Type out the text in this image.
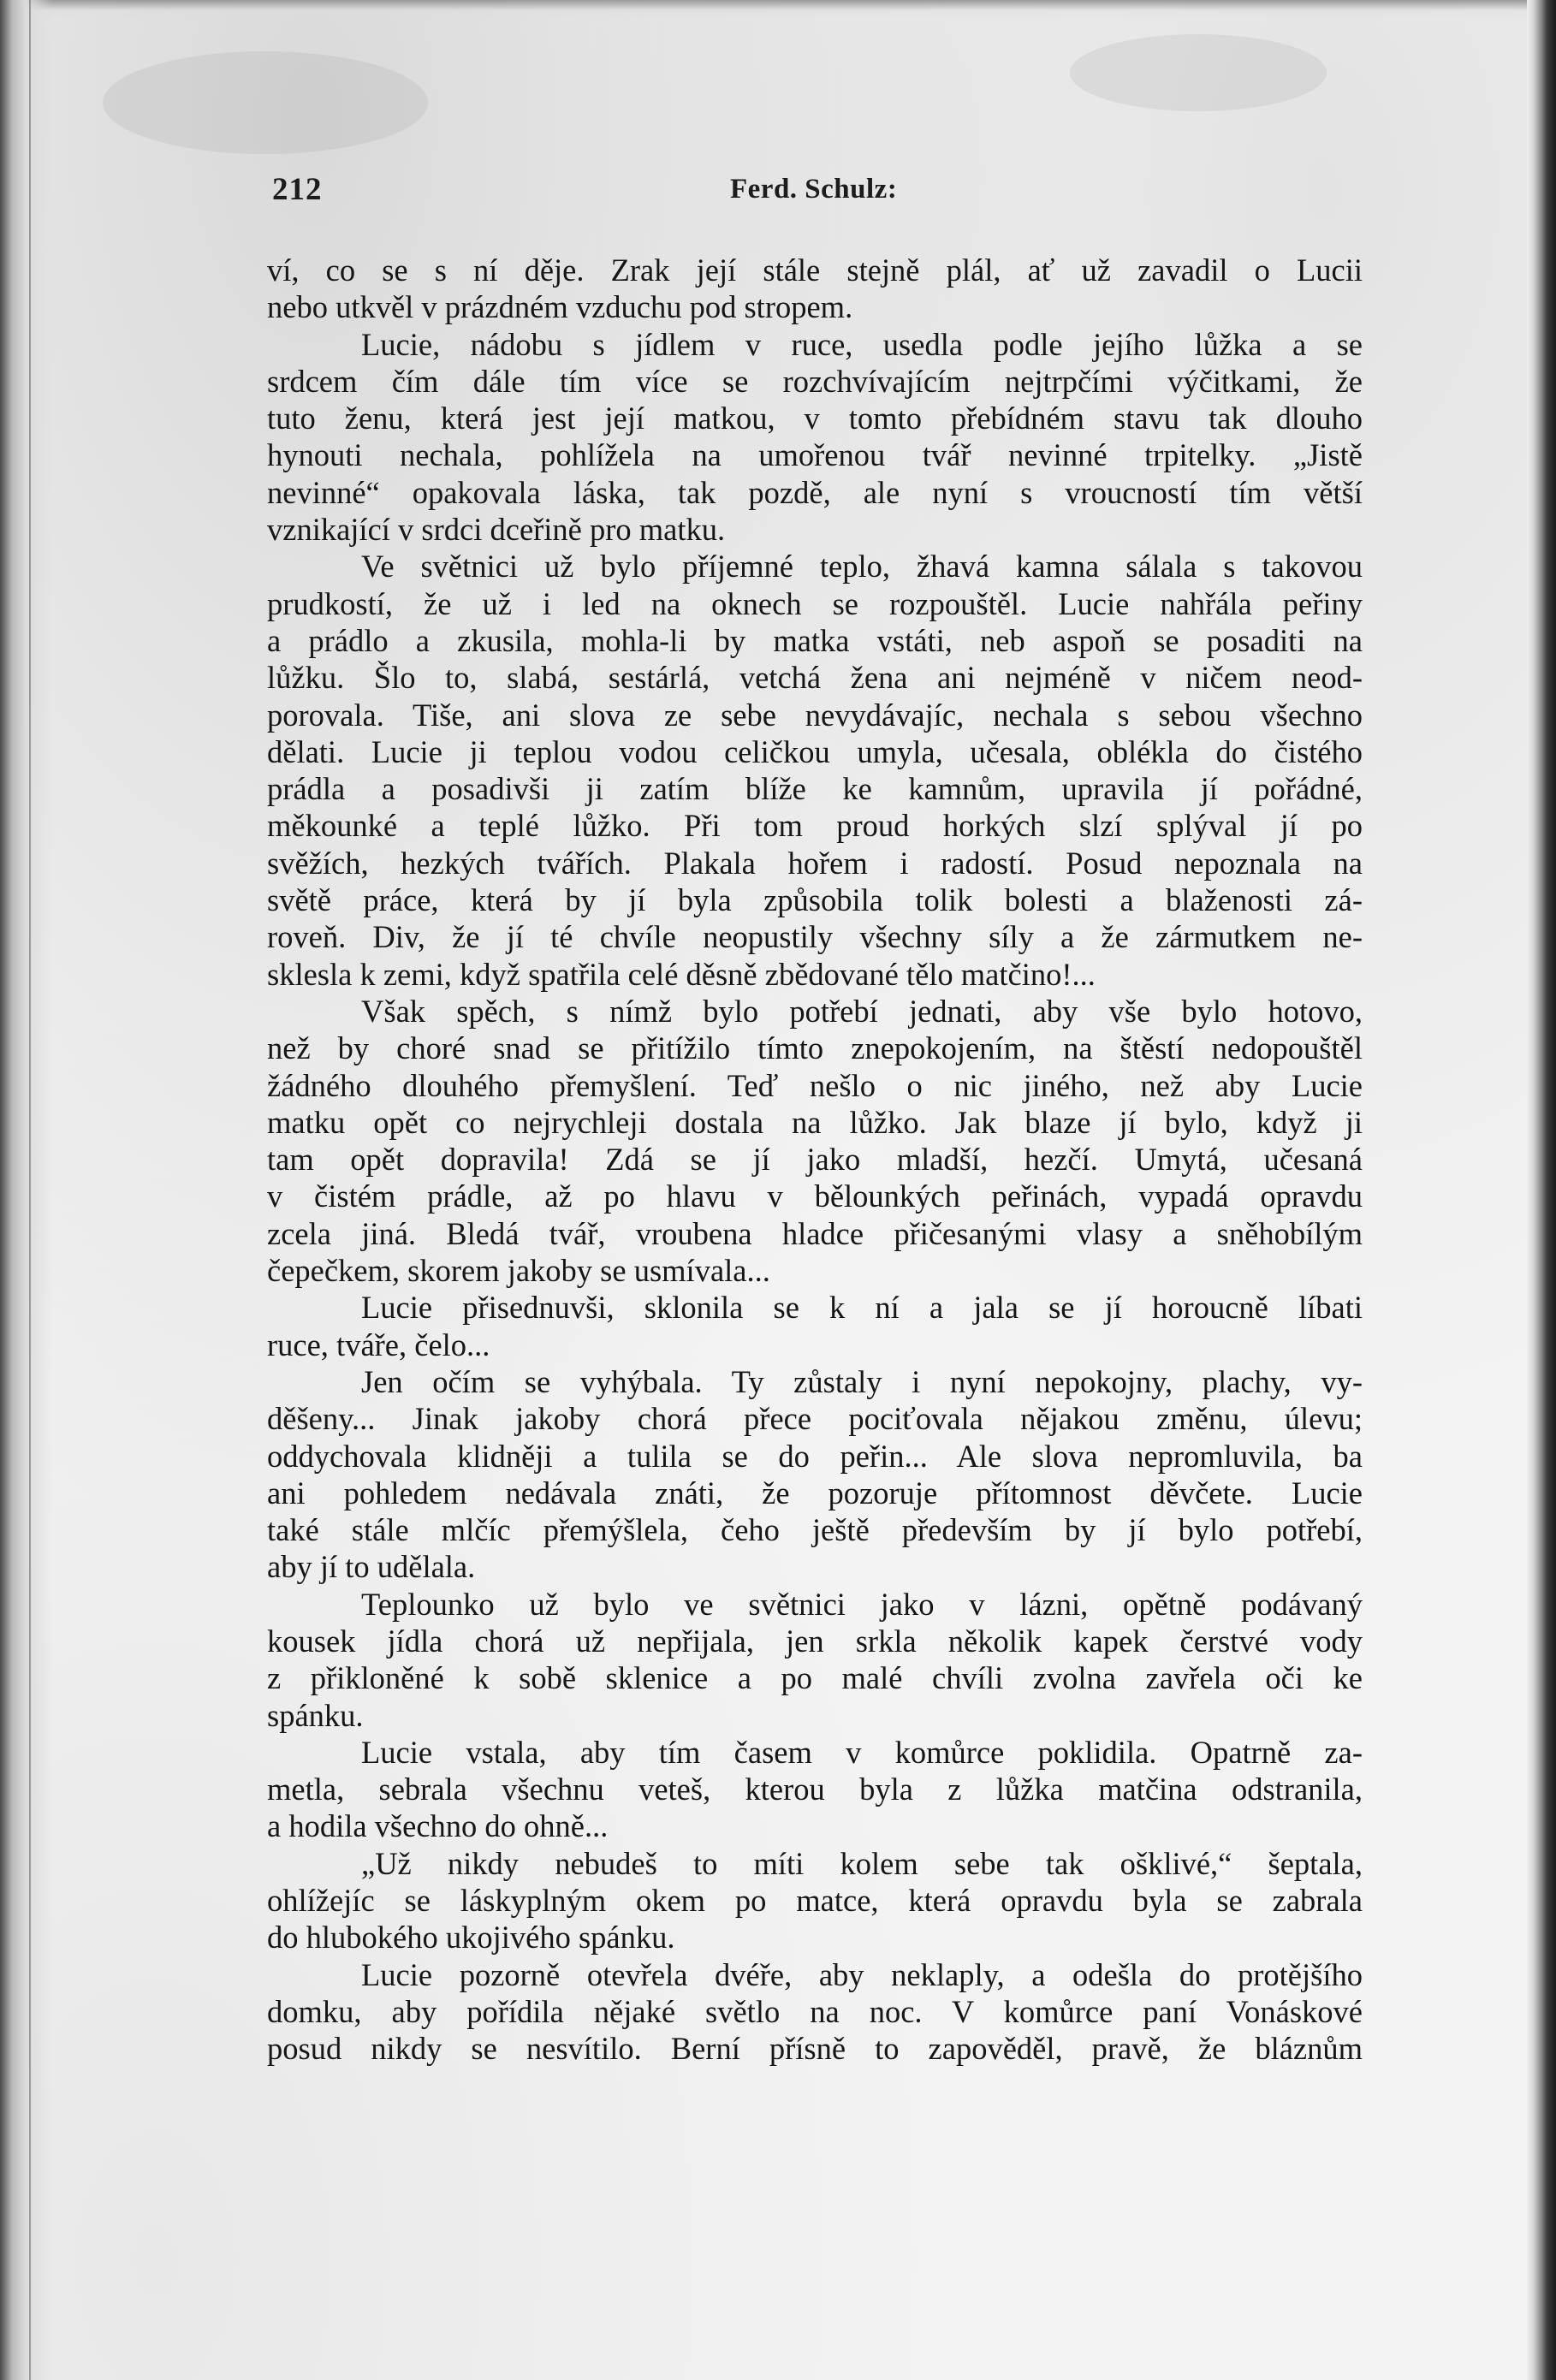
212	Ferd. Schulz:
ví, co se s ní děje. Zrak její stále stejně plál, ať už zavadil o Lucii
nebo utkvěl v prázdném vzduchu pod stropem.
Lucie, nádobu s jídlem v ruce, usedla podle jejího lůžka a se
srdcem čím dále tím více se rozchvívajícím nejtrpčími výčitkami, že
tuto ženu, která jest její matkou, v tomto přebídném stavu tak dlouho
hynouti nechala, pohlížela na umořenou tvář nevinné trpitelky. „Jistě
nevinné“ opakovala láska, tak pozdě, ale nyní s vroucností tím větší
vznikající v srdci dceřině pro matku.
Ve světnici už bylo příjemné teplo, žhavá kamna sálala s takovou
prudkostí, že už i led na oknech se rozpouštěl. Lucie nahřála peřiny
a prádlo a zkusila, mohla-li by matka vstáti, neb aspoň se posaditi na
lůžku. Šlo to, slabá, sestárlá, vetchá žena ani nejméně v ničem neod-
porovala. Tiše, ani slova ze sebe nevydávajíc, nechala s sebou všechno
dělati. Lucie ji teplou vodou celičkou umyla, učesala, oblékla do čistého
prádla a posadivši ji zatím blíže ke kamnům, upravila jí pořádné,
měkounké a teplé lůžko. Při tom proud horkých slzí splýval jí po
svěžích, hezkých tvářích. Plakala hořem i radostí. Posud nepoznala na
světě práce, která by jí byla způsobila tolik bolesti a blaženosti zá-
roveň. Div, že jí té chvíle neopustily všechny síly a že zármutkem ne-
sklesla k zemi, když spatřila celé děsně zbědované tělo matčino!...
Však spěch, s nímž bylo potřebí jednati, aby vše bylo hotovo,
než by choré snad se přitížilo tímto znepokojením, na štěstí nedopouštěl
žádného dlouhého přemyšlení. Teď nešlo o nic jiného, než aby Lucie
matku opět co nejrychleji dostala na lůžko. Jak blaze jí bylo, když ji
tam opět dopravila! Zdá se jí jako mladší, hezčí. Umytá, učesaná
v čistém prádle, až po hlavu v bělounkých peřinách, vypadá opravdu
zcela jiná. Bledá tvář, vroubena hladce přičesanými vlasy a sněhobílým
čepečkem, skorem jakoby se usmívala...
Lucie přisednuvši, sklonila se k ní a jala se jí horoucně líbati
ruce, tváře, čelo...
Jen očím se vyhýbala. Ty zůstaly i nyní nepokojny, plachy, vy-
děšeny... Jinak jakoby chorá přece pociťovala nějakou změnu, úlevu;
oddychovala klidněji a tulila se do peřin... Ale slova nepromluvila, ba
ani pohledem nedávala znáti, že pozoruje přítomnost děvčete. Lucie
také stále mlčíc přemýšlela, čeho ještě především by jí bylo potřebí,
aby jí to udělala.
Teplounko už bylo ve světnici jako v lázni, opětně podávaný
kousek jídla chorá už nepřijala, jen srkla několik kapek čerstvé vody
z přikloněné k sobě sklenice a po malé chvíli zvolna zavřela oči ke
spánku.
Lucie vstala, aby tím časem v komůrce poklidila. Opatrně za-
metla, sebrala všechnu veteš, kterou byla z lůžka matčina odstranila,
a hodila všechno do ohně...
„Už nikdy nebudeš to míti kolem sebe tak ošklivé,“ šeptala,
ohlížejíc se láskyplným okem po matce, která opravdu byla se zabrala
do hlubokého ukojivého spánku.
Lucie pozorně otevřela dvéře, aby neklaply, a odešla do protějšího
domku, aby pořídila nějaké světlo na noc. V komůrce paní Vonáskové
posud nikdy se nesvítilo. Berní přísně to zapověděl, pravě, že bláznům
